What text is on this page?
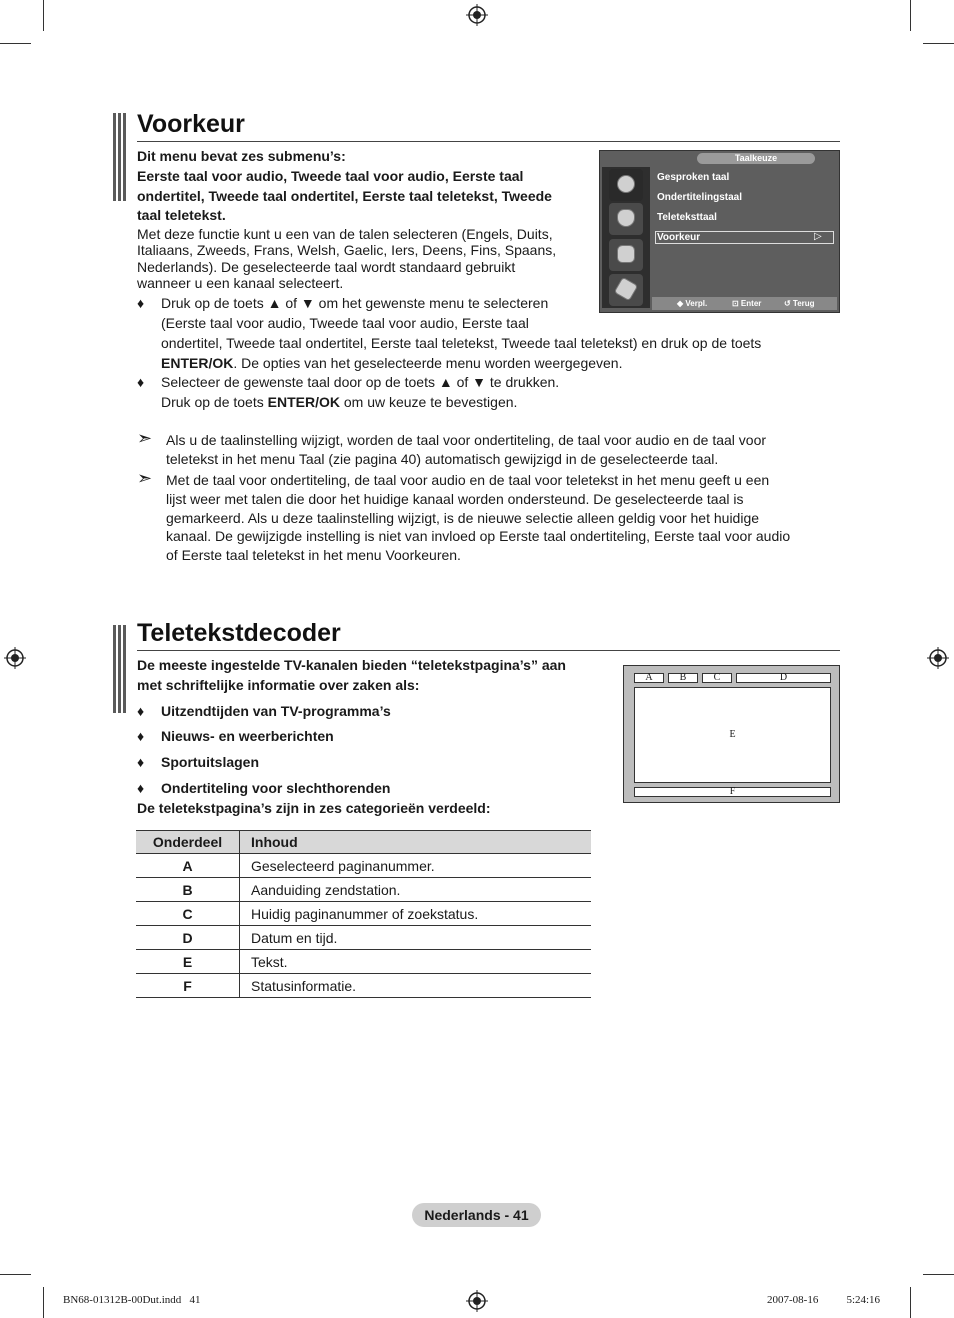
Voorkeur
Dit menu bevat zes submenu’s:
Eerste taal voor audio, Tweede taal voor audio, Eerste taal
ondertitel, Tweede taal ondertitel, Eerste taal teletekst, Tweede
taal teletekst.
Met deze functie kunt u een van de talen selecteren (Engels, Duits,
Italiaans, Zweeds, Frans, Welsh, Gaelic, Iers, Deens, Fins, Spaans,
Nederlands). De geselecteerde taal wordt standaard gebruikt
wanneer u een kanaal selecteert.
♦ Druk op de toets ▲ of ▼ om het gewenste menu te selecteren
(Eerste taal voor audio, Tweede taal voor audio, Eerste taal
ondertitel, Tweede taal ondertitel, Eerste taal teletekst, Tweede taal teletekst) en druk op de toets
ENTER/OK. De opties van het geselecteerde menu worden weergegeven.
♦ Selecteer de gewenste taal door op de toets ▲ of ▼ te drukken.
Druk op de toets ENTER/OK om uw keuze te bevestigen.
➣ Als u de taalinstelling wijzigt, worden de taal voor ondertiteling, de taal voor audio en de taal voor
teletekst in het menu Taal (zie pagina 40) automatisch gewijzigd in de geselecteerde taal.
➣ Met de taal voor ondertiteling, de taal voor audio en de taal voor teletekst in het menu geeft u een
lijst weer met talen die door het huidige kanaal worden ondersteund. De geselecteerde taal is
gemarkeerd. Als u deze taalinstelling wijzigt, is de nieuwe selectie alleen geldig voor het huidige
kanaal. De gewijzigde instelling is niet van invloed op Eerste taal ondertiteling, Eerste taal voor audio
of Eerste taal teletekst in het menu Voorkeuren.
Taalkeuze
Gesproken taal
Ondertitelingstaal
Teleteksttaal
Voorkeur	▷
◆ Verpl.	⊡ Enter	↺ Terug
Teletekstdecoder
De meeste ingestelde TV-kanalen bieden “teletekstpagina’s” aan
met schriftelijke informatie over zaken als:
♦ Uitzendtijden van TV-programma’s
♦ Nieuws- en weerberichten
♦ Sportuitslagen
♦ Ondertiteling voor slechthorenden
De teletekstpagina’s zijn in zes categorieën verdeeld:
A	B	C	D
E
F
Onderdeel	Inhoud
A	Geselecteerd paginanummer.
B	Aanduiding zendstation.
C	Huidig paginanummer of zoekstatus.
D	Datum en tijd.
E	Tekst.
F	Statusinformatie.
Nederlands - 41
BN68-01312B-00Dut.indd   41	2007-08-16   ￿￿ 5:24:16
